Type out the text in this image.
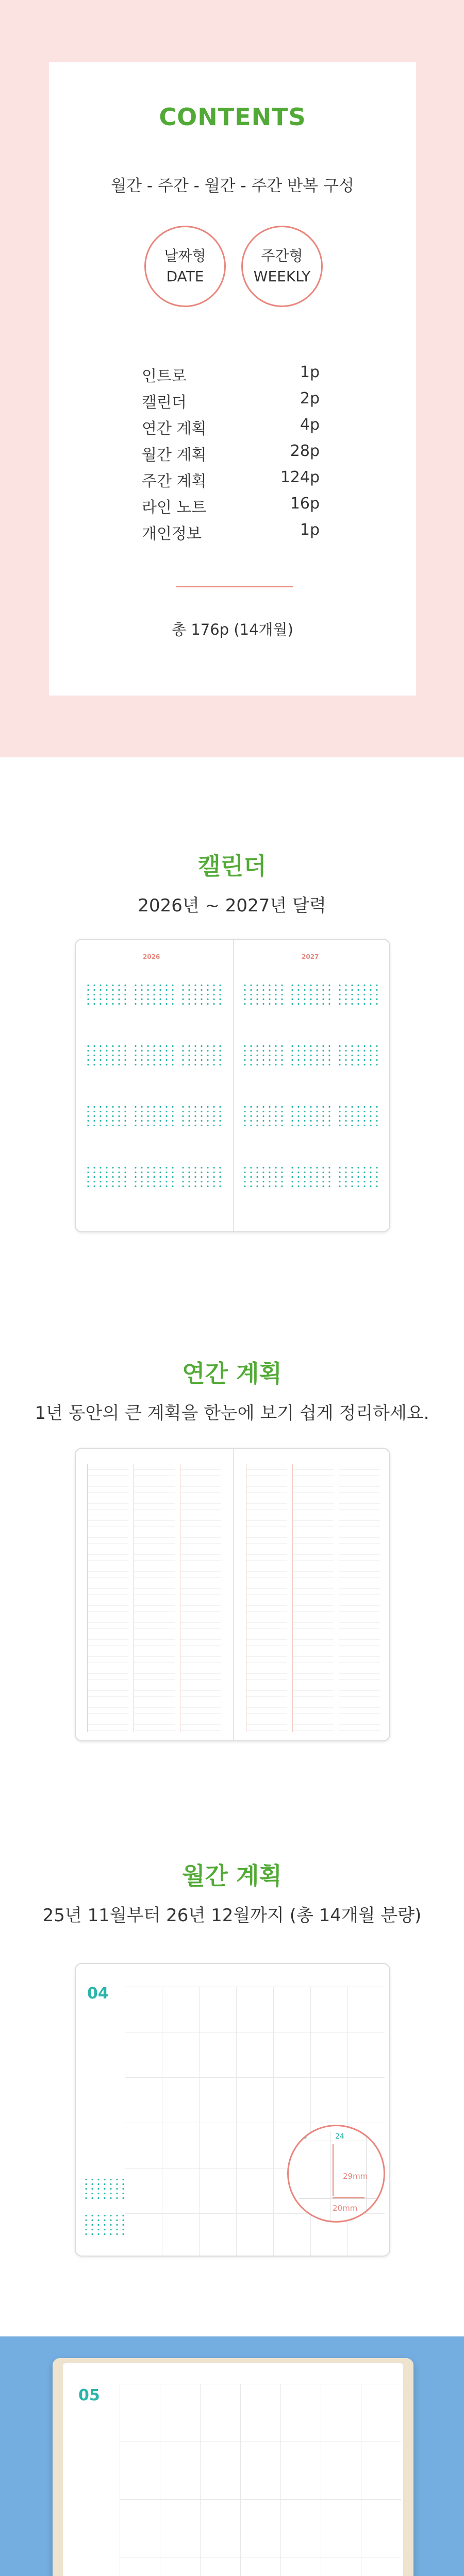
CONTENTS
월간 - 주간 - 월간 - 주간 반복 구성
날짜형
DATE
주간형
WEEKLY
인트로	1p
캘린더	2p
연간 계획	4p
월간 계획	28p
주간 계획	124p
라인 노트	16p
개인정보	1p
총 176p (14개월)
캘린더
2026년 ~ 2027년 달력
2026	2027
연간 계획
1년 동안의 큰 계획을 한눈에 보기 쉽게 정리하세요.
월간 계획
25년 11월부터 26년 12월까지 (총 14개월 분량)
04
24	25
23
29mm
20mm
05
